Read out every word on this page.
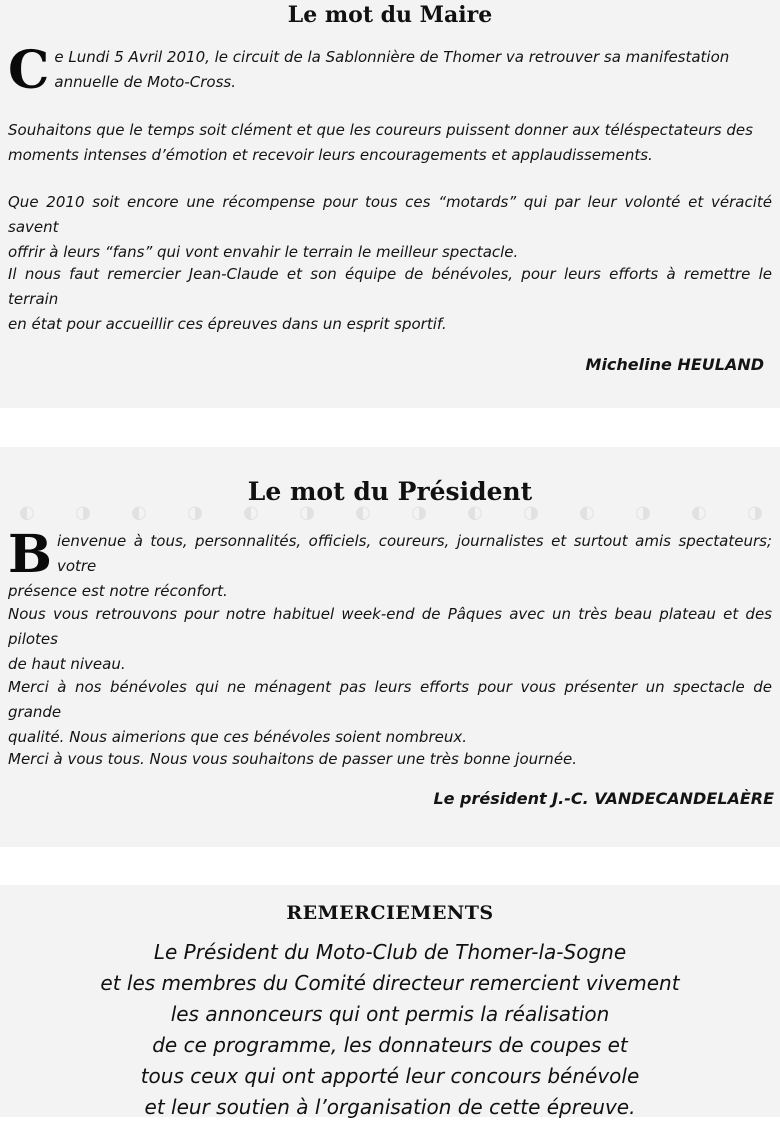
Le mot du Maire

C e Lundi 5 Avril 2010, le circuit de la Sablonnière de Thomer va retrouver sa manifestation
annuelle de Moto-Cross.

Souhaitons que le temps soit clément et que les coureurs puissent donner aux téléspectateurs des
moments intenses d’émotion et recevoir leurs encouragements et applaudissements.

Que 2010 soit encore une récompense pour tous ces “motards” qui par leur volonté et véracité savent
offrir à leurs “fans” qui vont envahir le terrain le meilleur spectacle.

Il nous faut remercier Jean-Claude et son équipe de bénévoles, pour leurs efforts à remettre le terrain
en état pour accueillir ces épreuves dans un esprit sportif.

Micheline HEULAND

◐ ◑ ◐ ◑ ◐ ◑ ◐ ◑ ◐ ◑ ◐ ◑ ◐ ◑
Le mot du Président

B ienvenue à tous, personnalités, officiels, coureurs, journalistes et surtout amis spectateurs; votre
présence est notre réconfort.

Nous vous retrouvons pour notre habituel week-end de Pâques avec un très beau plateau et des pilotes
de haut niveau.

Merci à nos bénévoles qui ne ménagent pas leurs efforts pour vous présenter un spectacle de grande
qualité. Nous aimerions que ces bénévoles soient nombreux.

Merci à vous tous. Nous vous souhaitons de passer une très bonne journée.

Le président J.-C. VANDECANDELAÈRE

REMERCIEMENTS

Le Président du Moto-Club de Thomer-la-Sogne
et les membres du Comité directeur remercient vivement
les annonceurs qui ont permis la réalisation
de ce programme, les donnateurs de coupes et
tous ceux qui ont apporté leur concours bénévole
et leur soutien à l’organisation de cette épreuve.
